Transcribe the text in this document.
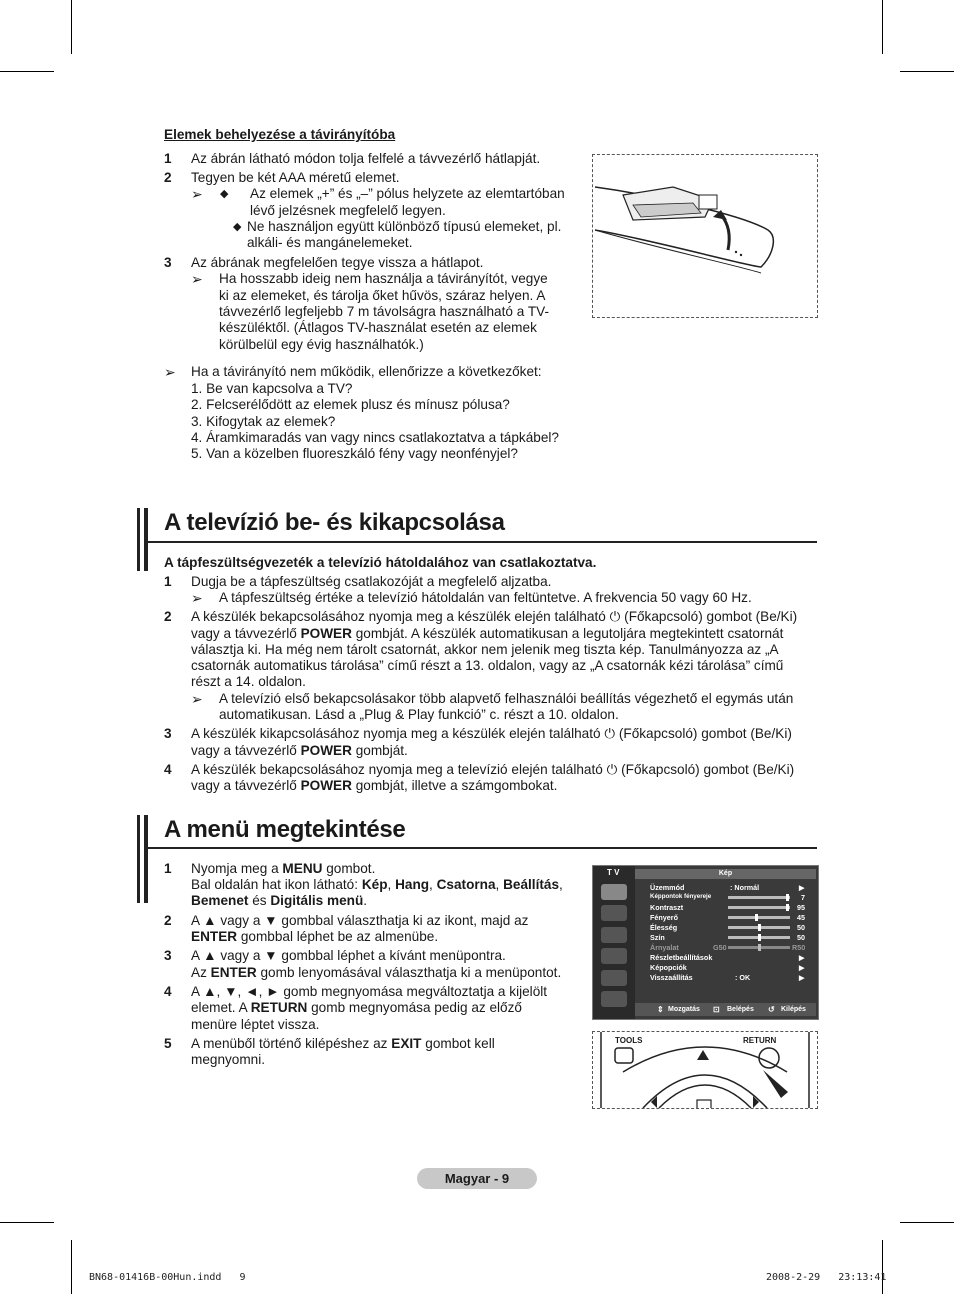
Elemek behelyezése a távirányítóba
1 Az ábrán látható módon tolja felfelé a távvezérlő hátlapját.
2 Tegyen be két AAA méretű elemet.
➢ ◆ Az elemek „+” és „–” pólus helyzete az elemtartóban
lévő jelzésnek megfelelő legyen.
◆ Ne használjon együtt különböző típusú elemeket, pl.
alkáli- és mangánelemeket.
3 Az ábrának megfelelően tegye vissza a hátlapot.
➢ Ha hosszabb ideig nem használja a távirányítót, vegye
ki az elemeket, és tárolja őket hűvös, száraz helyen. A
távvezérlő legfeljebb 7 m távolságra használható a TV-
készüléktől. (Átlagos TV-használat esetén az elemek
körülbelül egy évig használhatók.)
➢ Ha a távirányító nem működik, ellenőrizze a következőket:
1. Be van kapcsolva a TV?
2. Felcserélődött az elemek plusz és mínusz pólusa?
3. Kifogytak az elemek?
4. Áramkimaradás van vagy nincs csatlakoztatva a tápkábel?
5. Van a közelben fluoreszkáló fény vagy neonfényjel?
A televízió be- és kikapcsolása
A tápfeszültségvezeték a televízió hátoldalához van csatlakoztatva.
1 Dugja be a tápfeszültség csatlakozóját a megfelelő aljzatba.
➢ A tápfeszültség értéke a televízió hátoldalán van feltüntetve. A frekvencia 50 vagy 60 Hz.
2 A készülék bekapcsolásához nyomja meg a készülék elején található ⏻ (Főkapcsoló) gombot (Be/Ki)
vagy a távvezérlő POWER gombját. A készülék automatikusan a legutoljára megtekintett csatornát
választja ki. Ha még nem tárolt csatornát, akkor nem jelenik meg tiszta kép. Tanulmányozza az „A
csatornák automatikus tárolása” című részt a 13. oldalon, vagy az „A csatornák kézi tárolása” című
részt a 14. oldalon.
➢ A televízió első bekapcsolásakor több alapvető felhasználói beállítás végezhető el egymás után
automatikusan. Lásd a „Plug & Play funkció” c. részt a 10. oldalon.
3 A készülék kikapcsolásához nyomja meg a készülék elején található ⏻ (Főkapcsoló) gombot (Be/Ki)
vagy a távvezérlő POWER gombját.
4 A készülék bekapcsolásához nyomja meg a televízió elején található ⏻ (Főkapcsoló) gombot (Be/Ki)
vagy a távvezérlő POWER gombját, illetve a számgombokat.
A menü megtekintése
1 Nyomja meg a MENU gombot.
Bal oldalán hat ikon látható: Kép, Hang, Csatorna, Beállítás,
Bemenet és Digitális menü.
2 A ▲ vagy a ▼ gombbal választhatja ki az ikont, majd az
ENTER gombbal léphet be az almenübe.
3 A ▲ vagy a ▼ gombbal léphet a kívánt menüpontra.
Az ENTER gomb lenyomásával választhatja ki a menüpontot.
4 A ▲, ▼, ◄, ► gomb megnyomása megváltoztatja a kijelölt
elemet. A RETURN gomb megnyomása pedig az előző
menüre léptet vissza.
5 A menüből történő kilépéshez az EXIT gombot kell
megnyomni.
T V	Kép
Üzemmód	: Normál	▶
Képpontok fényereje	7
Kontraszt	95
Fényerő	45
Élesség	50
Szín	50
Árnyalat	G50	R50
Részletbeállítások	▶
Képopciók	▶
Visszaállítás	: OK	▶
⇕ Mozgatás ⊡ Belépés ↺ Kilépés
TOOLS	RETURN
Magyar - 9
BN68-01416B-00Hun.indd   9	2008-2-29   23:13:41
